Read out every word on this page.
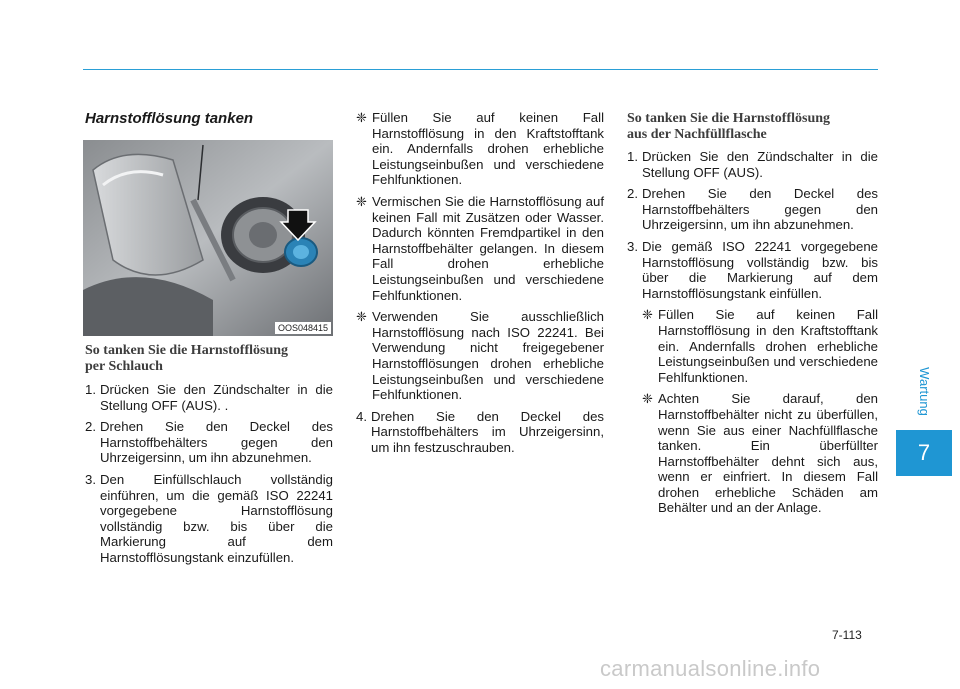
Wartung
7
Harnstofflösung tanken
OOS048415
So tanken Sie die Harnstofflösung
per Schlauch
1. Drücken Sie den Zündschalter in die Stellung OFF (AUS). .
2. Drehen Sie den Deckel des Harnstoffbehälters gegen den Uhrzeigersinn, um ihn abzunehmen.
3. Den Einfüllschlauch vollständig einführen, um die gemäß ISO 22241 vorgegebene Harnstofflösung vollständig bzw. bis über die Markierung auf dem Harnstofflösungstank einzufüllen.
❈ Füllen Sie auf keinen Fall Harnstofflösung in den Kraftstofftank ein. Andernfalls drohen erhebliche Leistungseinbußen und verschiedene Fehlfunktionen.
❈ Vermischen Sie die Harnstofflösung auf keinen Fall mit Zusätzen oder Wasser. Dadurch könnten Fremdpartikel in den Harnstoffbehälter gelangen. In diesem Fall drohen erhebliche Leistungseinbußen und verschiedene Fehlfunktionen.
❈ Verwenden Sie ausschließlich Harnstofflösung nach ISO 22241. Bei Verwendung nicht freigegebener Harnstofflösungen drohen erhebliche Leistungseinbußen und verschiedene Fehlfunktionen.
4. Drehen Sie den Deckel des Harnstoffbehälters im Uhrzeigersinn, um ihn festzuschrauben.
So tanken Sie die Harnstofflösung
aus der Nachfüllflasche
1. Drücken Sie den Zündschalter in die Stellung OFF (AUS).
2. Drehen Sie den Deckel des Harnstoffbehälters gegen den Uhrzeigersinn, um ihn abzunehmen.
3. Die gemäß ISO 22241 vorgegebene Harnstofflösung vollständig bzw. bis über die Markierung auf dem Harnstofflösungstank einfüllen.
❈ Füllen Sie auf keinen Fall Harnstofflösung in den Kraftstofftank ein. Andernfalls drohen erhebliche Leistungseinbußen und verschiedene Fehlfunktionen.
❈ Achten Sie darauf, den Harnstoffbehälter nicht zu überfüllen, wenn Sie aus einer Nachfüllflasche tanken. Ein überfüllter Harnstoffbehälter dehnt sich aus, wenn er einfriert. In diesem Fall drohen erhebliche Schäden am Behälter und an der Anlage.
7-113
carmanualsonline.info
